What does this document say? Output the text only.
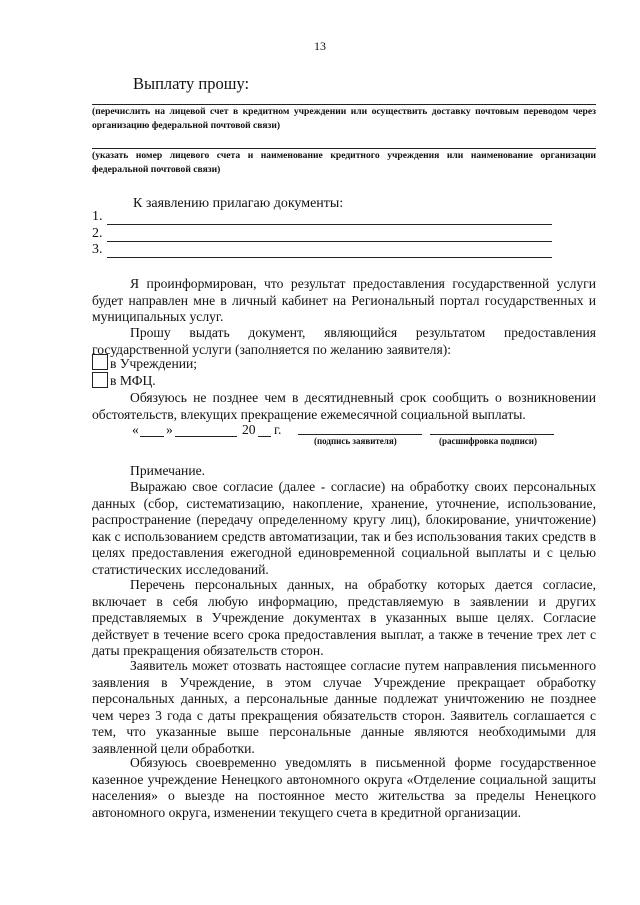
13
Выплату прошу:
(перечислить на лицевой счет в кредитном учреждении или осуществить доставку почтовым переводом через организацию федеральной почтовой связи)
(указать номер лицевого счета и наименование кредитного учреждения или наименование организации федеральной почтовой связи)
К заявлению прилагаю документы:
1.
2.
3.
Я проинформирован, что результат предоставления государственной услуги будет направлен мне в личный кабинет на Региональный портал государственных и муниципальных услуг.
Прошу выдать документ, являющийся результатом предоставления государственной услуги (заполняется по желанию заявителя):
в Учреждении;
в МФЦ.
Обязуюсь не позднее чем в десятидневный срок сообщить о возникновении обстоятельств, влекущих прекращение ежемесячной социальной выплаты.
« »	20 г.
(подпись заявителя)	(расшифровка подписи)
Примечание.
Выражаю свое согласие (далее - согласие) на обработку своих персональных данных (сбор, систематизацию, накопление, хранение, уточнение, использование, распространение (передачу определенному кругу лиц), блокирование, уничтожение) как с использованием средств автоматизации, так и без использования таких средств в целях предоставления ежегодной единовременной социальной выплаты и с целью статистических исследований.
Перечень персональных данных, на обработку которых дается согласие, включает в себя любую информацию, представляемую в заявлении и других представляемых в Учреждение документах в указанных выше целях. Согласие действует в течение всего срока предоставления выплат, а также в течение трех лет с даты прекращения обязательств сторон.
Заявитель может отозвать настоящее согласие путем направления письменного заявления в Учреждение, в этом случае Учреждение прекращает обработку персональных данных, а персональные данные подлежат уничтожению не позднее чем через 3 года с даты прекращения обязательств сторон. Заявитель соглашается с тем, что указанные выше персональные данные являются необходимыми для заявленной цели обработки.
Обязуюсь своевременно уведомлять в письменной форме государственное казенное учреждение Ненецкого автономного округа «Отделение социальной защиты населения» о выезде на постоянное место жительства за пределы Ненецкого автономного округа, изменении текущего счета в кредитной организации.
